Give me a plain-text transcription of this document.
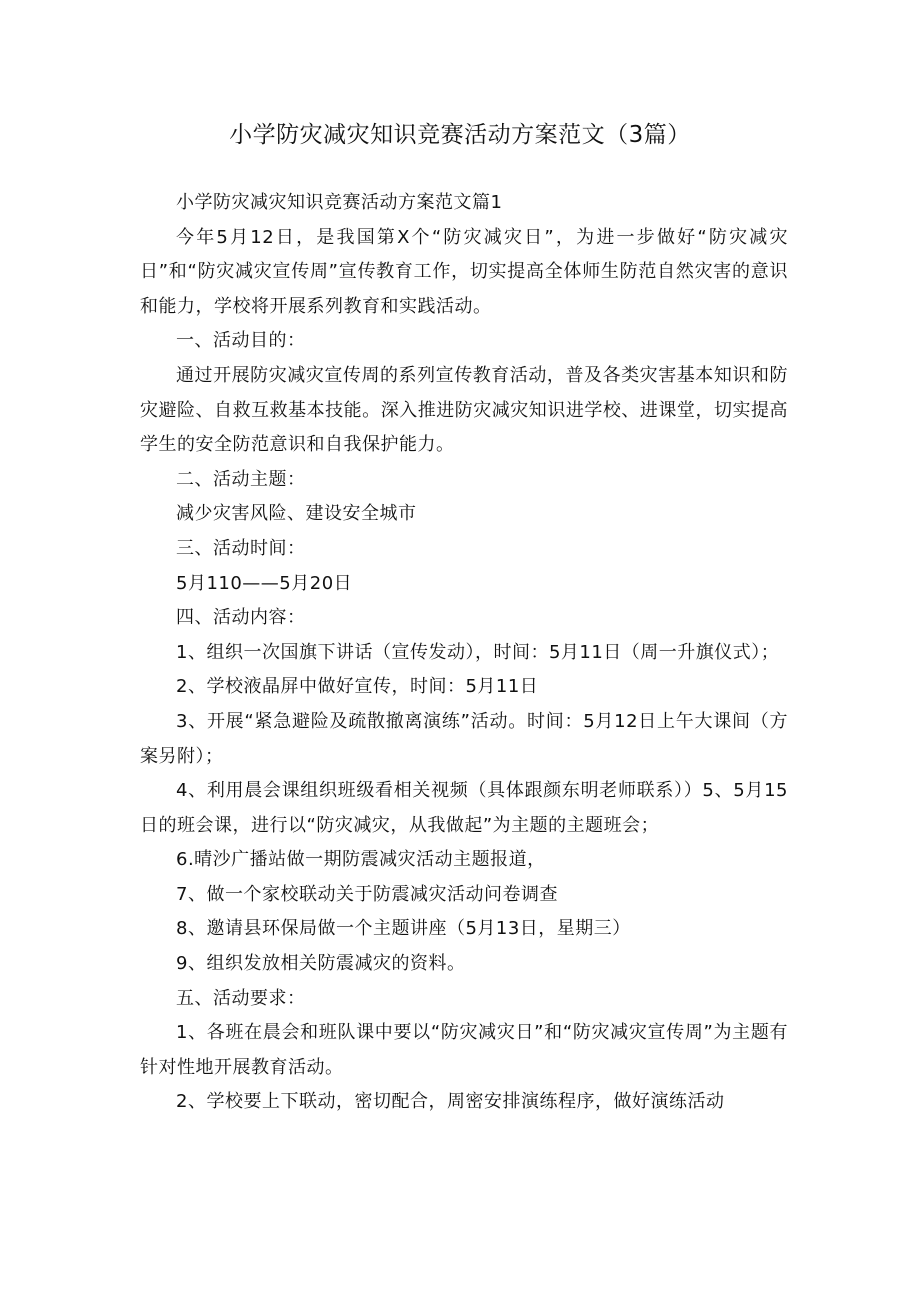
小学防灾减灾知识竞赛活动方案范文（3篇）

小学防灾减灾知识竞赛活动方案范文篇1

今年5月12日，是我国第X个“防灾减灾日”，为进一步做好“防灾减灾日”和“防灾减灾宣传周”宣传教育工作，切实提高全体师生防范自然灾害的意识和能力，学校将开展系列教育和实践活动。

一、活动目的：

通过开展防灾减灾宣传周的系列宣传教育活动，普及各类灾害基本知识和防灾避险、自救互救基本技能。深入推进防灾减灾知识进学校、进课堂，切实提高学生的安全防范意识和自我保护能力。

二、活动主题：

减少灾害风险、建设安全城市

三、活动时间：

5月110——5月20日

四、活动内容：

1、组织一次国旗下讲话（宣传发动），时间：5月11日（周一升旗仪式）；

2、学校液晶屏中做好宣传，时间：5月11日

3、开展“紧急避险及疏散撤离演练”活动。时间：5月12日上午大课间（方案另附）；

4、利用晨会课组织班级看相关视频（具体跟颜东明老师联系））5、5月15日的班会课，进行以“防灾减灾，从我做起”为主题的主题班会；

6.晴沙广播站做一期防震减灾活动主题报道，

7、做一个家校联动关于防震减灾活动问卷调查

8、邀请县环保局做一个主题讲座（5月13日，星期三）

9、组织发放相关防震减灾的资料。

五、活动要求：

1、各班在晨会和班队课中要以“防灾减灾日”和“防灾减灾宣传周”为主题有针对性地开展教育活动。

2、学校要上下联动，密切配合，周密安排演练程序，做好演练活动
